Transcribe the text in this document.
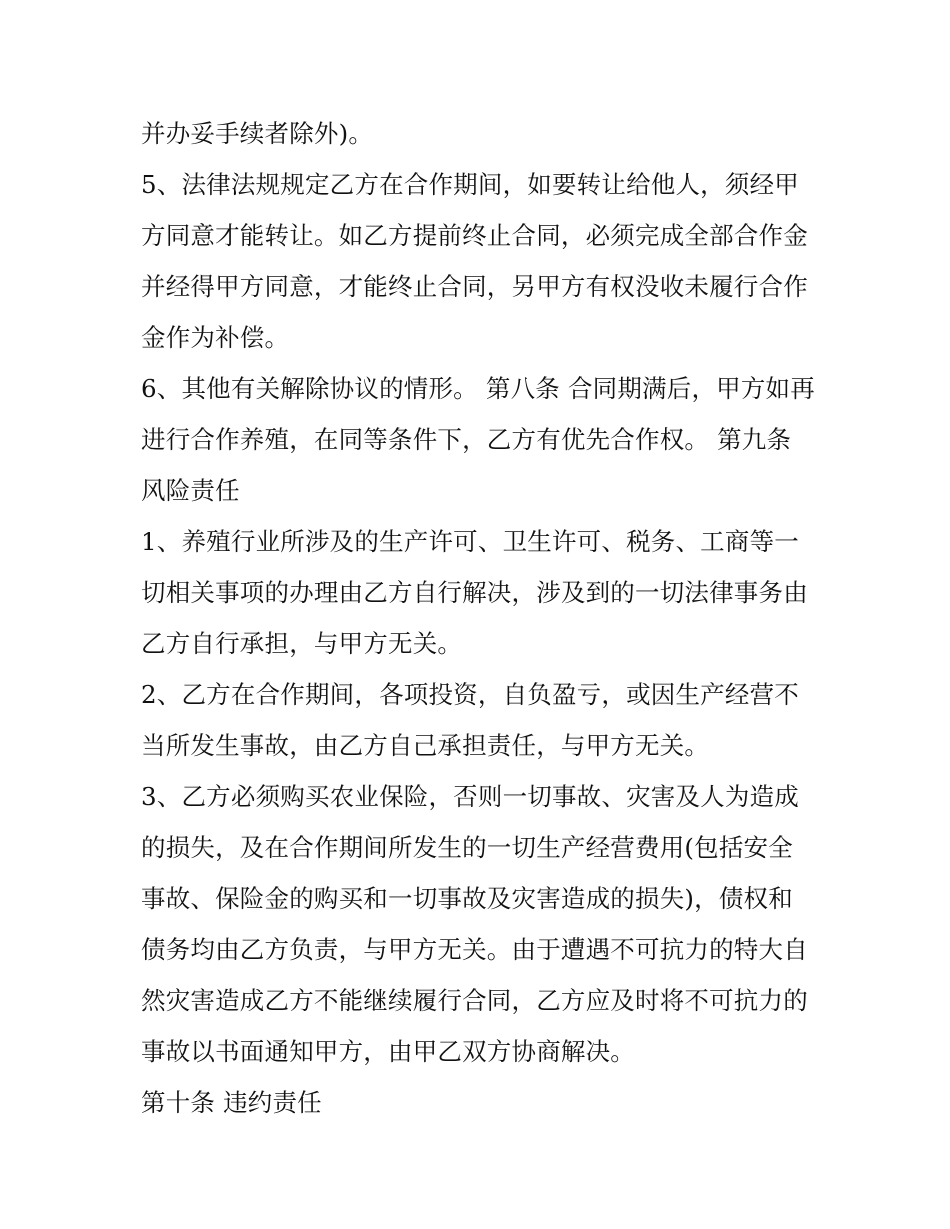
并办妥手续者除外)。
5、法律法规规定乙方在合作期间，如要转让给他人，须经甲
方同意才能转让。如乙方提前终止合同，必须完成全部合作金
并经得甲方同意，才能终止合同，另甲方有权没收未履行合作
金作为补偿。
6、其他有关解除协议的情形。 第八条 合同期满后，甲方如再
进行合作养殖，在同等条件下，乙方有优先合作权。 第九条
风险责任
1、养殖行业所涉及的生产许可、卫生许可、税务、工商等一
切相关事项的办理由乙方自行解决，涉及到的一切法律事务由
乙方自行承担，与甲方无关。
2、乙方在合作期间，各项投资，自负盈亏，或因生产经营不
当所发生事故，由乙方自己承担责任，与甲方无关。
3、乙方必须购买农业保险，否则一切事故、灾害及人为造成
的损失，及在合作期间所发生的一切生产经营费用(包括安全
事故、保险金的购买和一切事故及灾害造成的损失)，债权和
债务均由乙方负责，与甲方无关。由于遭遇不可抗力的特大自
然灾害造成乙方不能继续履行合同，乙方应及时将不可抗力的
事故以书面通知甲方，由甲乙双方协商解决。
第十条 违约责任
